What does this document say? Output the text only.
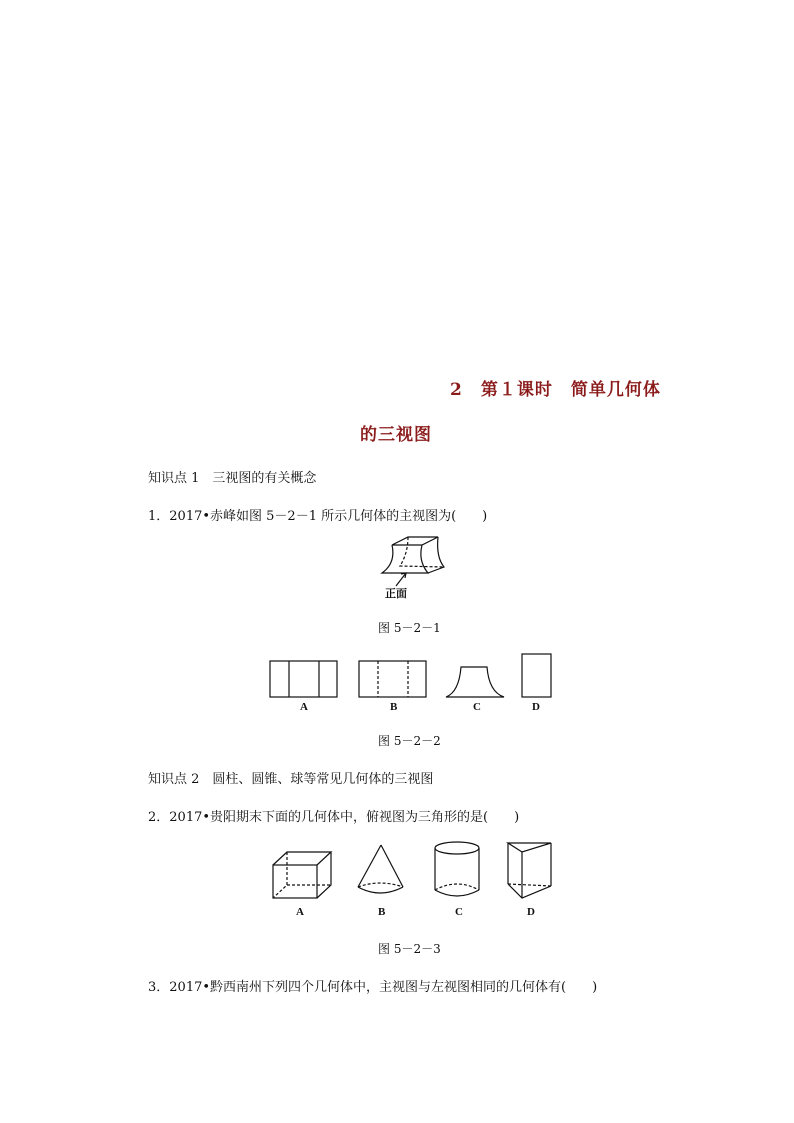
2　第１课时　简单几何体
的三视图
知识点 1　三视图的有关概念
1．2017•赤峰如图 5－2－1 所示几何体的主视图为(　　)
正面
图 5－2－1
A	B	C	D
图 5－2－2
知识点 2　圆柱、圆锥、球等常见几何体的三视图
2．2017•贵阳期末下面的几何体中，俯视图为三角形的是(　　)
A	B	C	D
图 5－2－3
3．2017•黔西南州下列四个几何体中，主视图与左视图相同的几何体有(　　)
